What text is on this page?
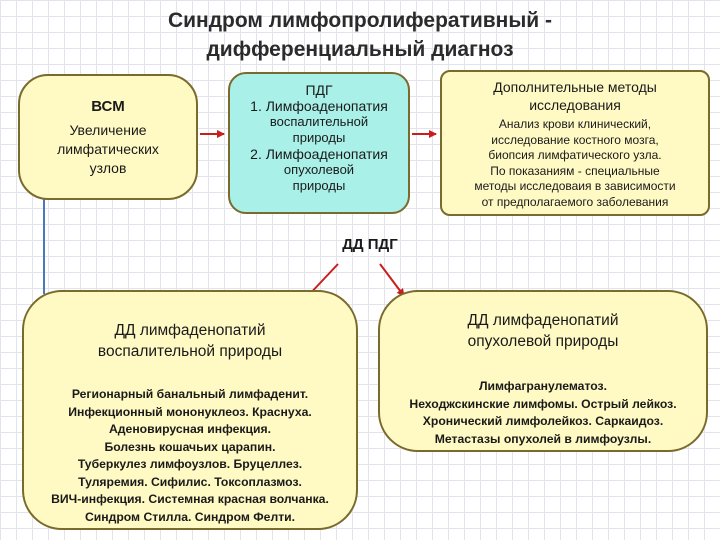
Синдром лимфопролиферативный -
дифференциальный диагноз
ВСМ
Увеличение
лимфатических
узлов
ПДГ
1. Лимфоаденопатия
воспалительной
природы
2. Лимфоаденопатия
опухолевой
природы
Дополнительные методы
исследования
Анализ крови клинический,
исследование костного мозга,
биопсия лимфатического узла.
По показаниям - специальные
методы исследоваия в зависимости
от предполагаемого заболевания
ДД ПДГ
ДД лимфаденопатий
воспалительной природы
Регионарный банальный лимфаденит.
Инфекционный мононуклеоз. Краснуха.
Аденовирусная инфекция.
Болезнь кошачьих царапин.
Туберкулез лимфоузлов. Бруцеллез.
Туляремия. Сифилис. Токсоплазмоз.
ВИЧ-инфекция. Системная красная волчанка.
Синдром Стилла. Синдром Фелти.
ДД лимфаденопатий
опухолевой природы
Лимфагранулематоз.
Неходжскинские лимфомы. Острый лейкоз.
Хронический лимфолейкоз. Саркаидоз.
Метастазы опухолей в лимфоузлы.
